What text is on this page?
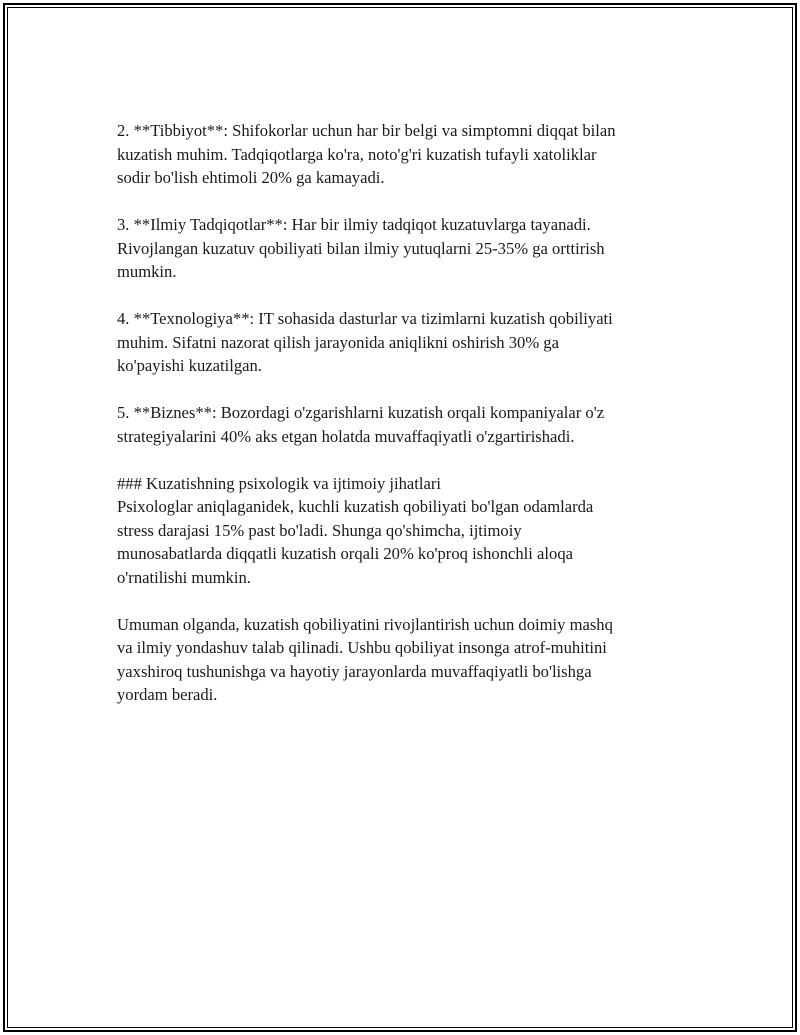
2. **Tibbiyot**: Shifokorlar uchun har bir belgi va simptomni diqqat bilan
kuzatish muhim. Tadqiqotlarga ko'ra, noto'g'ri kuzatish tufayli xatoliklar
sodir bo'lish ehtimoli 20% ga kamayadi.

3. **Ilmiy Tadqiqotlar**: Har bir ilmiy tadqiqot kuzatuvlarga tayanadi.
Rivojlangan kuzatuv qobiliyati bilan ilmiy yutuqlarni 25-35% ga orttirish
mumkin.

4. **Texnologiya**: IT sohasida dasturlar va tizimlarni kuzatish qobiliyati
muhim. Sifatni nazorat qilish jarayonida aniqlikni oshirish 30% ga
ko'payishi kuzatilgan.

5. **Biznes**: Bozordagi o'zgarishlarni kuzatish orqali kompaniyalar o'z
strategiyalarini 40% aks etgan holatda muvaffaqiyatli o'zgartirishadi.

### Kuzatishning psixologik va ijtimoiy jihatlari

Psixologlar aniqlaganidek, kuchli kuzatish qobiliyati bo'lgan odamlarda
stress darajasi 15% past bo'ladi. Shunga qo'shimcha, ijtimoiy
munosabatlarda diqqatli kuzatish orqali 20% ko'proq ishonchli aloqa
o'rnatilishi mumkin.

Umuman olganda, kuzatish qobiliyatini rivojlantirish uchun doimiy mashq
va ilmiy yondashuv talab qilinadi. Ushbu qobiliyat insonga atrof-muhitini
yaxshiroq tushunishga va hayotiy jarayonlarda muvaffaqiyatli bo'lishga
yordam beradi.
